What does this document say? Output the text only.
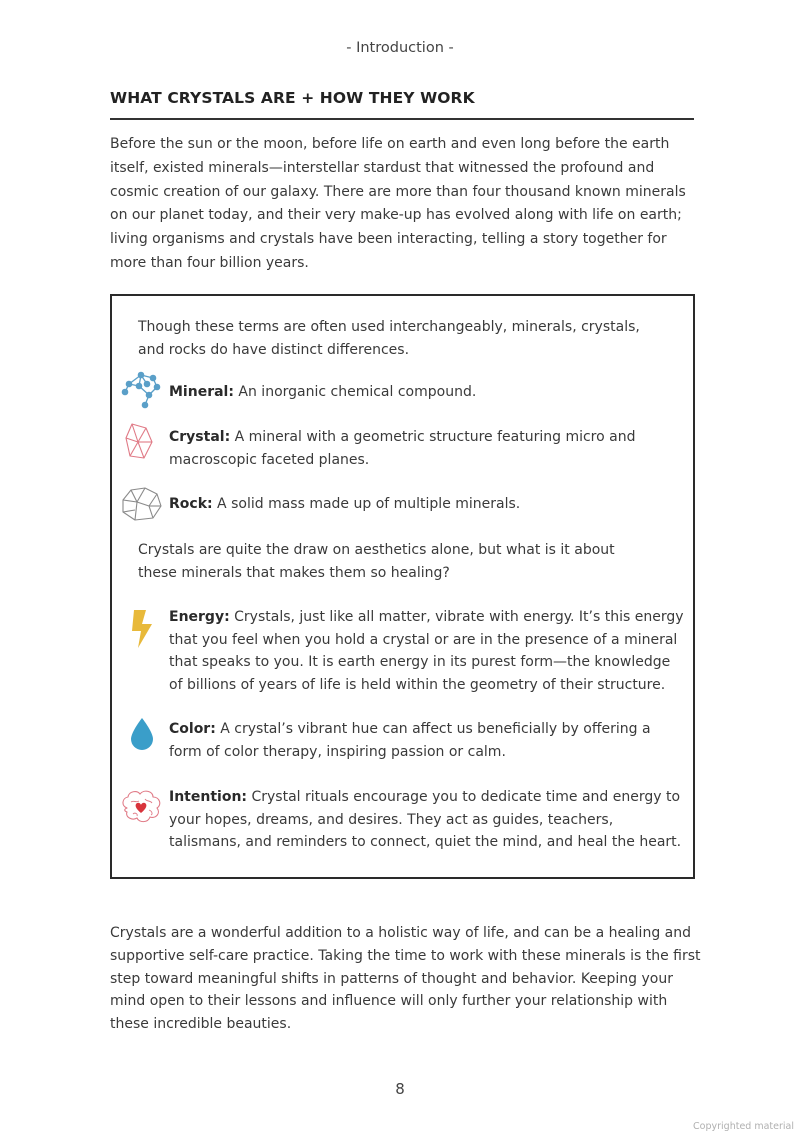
- Introduction -
WHAT CRYSTALS ARE + HOW THEY WORK

Before the sun or the moon, before life on earth and even long before the earth itself, existed minerals—interstellar stardust that witnessed the profound and cosmic creation of our galaxy. There are more than four thousand known minerals on our planet today, and their very make-up has evolved along with life on earth; living organisms and crystals have been interacting, telling a story together for more than four billion years.

Though these terms are often used interchangeably, minerals, crystals, and rocks do have distinct differences.

Mineral: An inorganic chemical compound.

Crystal: A mineral with a geometric structure featuring micro and macroscopic faceted planes.

Rock: A solid mass made up of multiple minerals.

Crystals are quite the draw on aesthetics alone, but what is it about these minerals that makes them so healing?

Energy: Crystals, just like all matter, vibrate with energy. It’s this energy that you feel when you hold a crystal or are in the presence of a mineral that speaks to you. It is earth energy in its purest form—the knowledge of billions of years of life is held within the geometry of their structure.

Color: A crystal’s vibrant hue can affect us beneficially by offering a form of color therapy, inspiring passion or calm.

Intention: Crystal rituals encourage you to dedicate time and energy to your hopes, dreams, and desires. They act as guides, teachers, talismans, and reminders to connect, quiet the mind, and heal the heart.

Crystals are a wonderful addition to a holistic way of life, and can be a healing and supportive self-care practice. Taking the time to work with these minerals is the first step toward meaningful shifts in patterns of thought and behavior. Keeping your mind open to their lessons and influence will only further your relationship with these incredible beauties.

8
Copyrighted material
